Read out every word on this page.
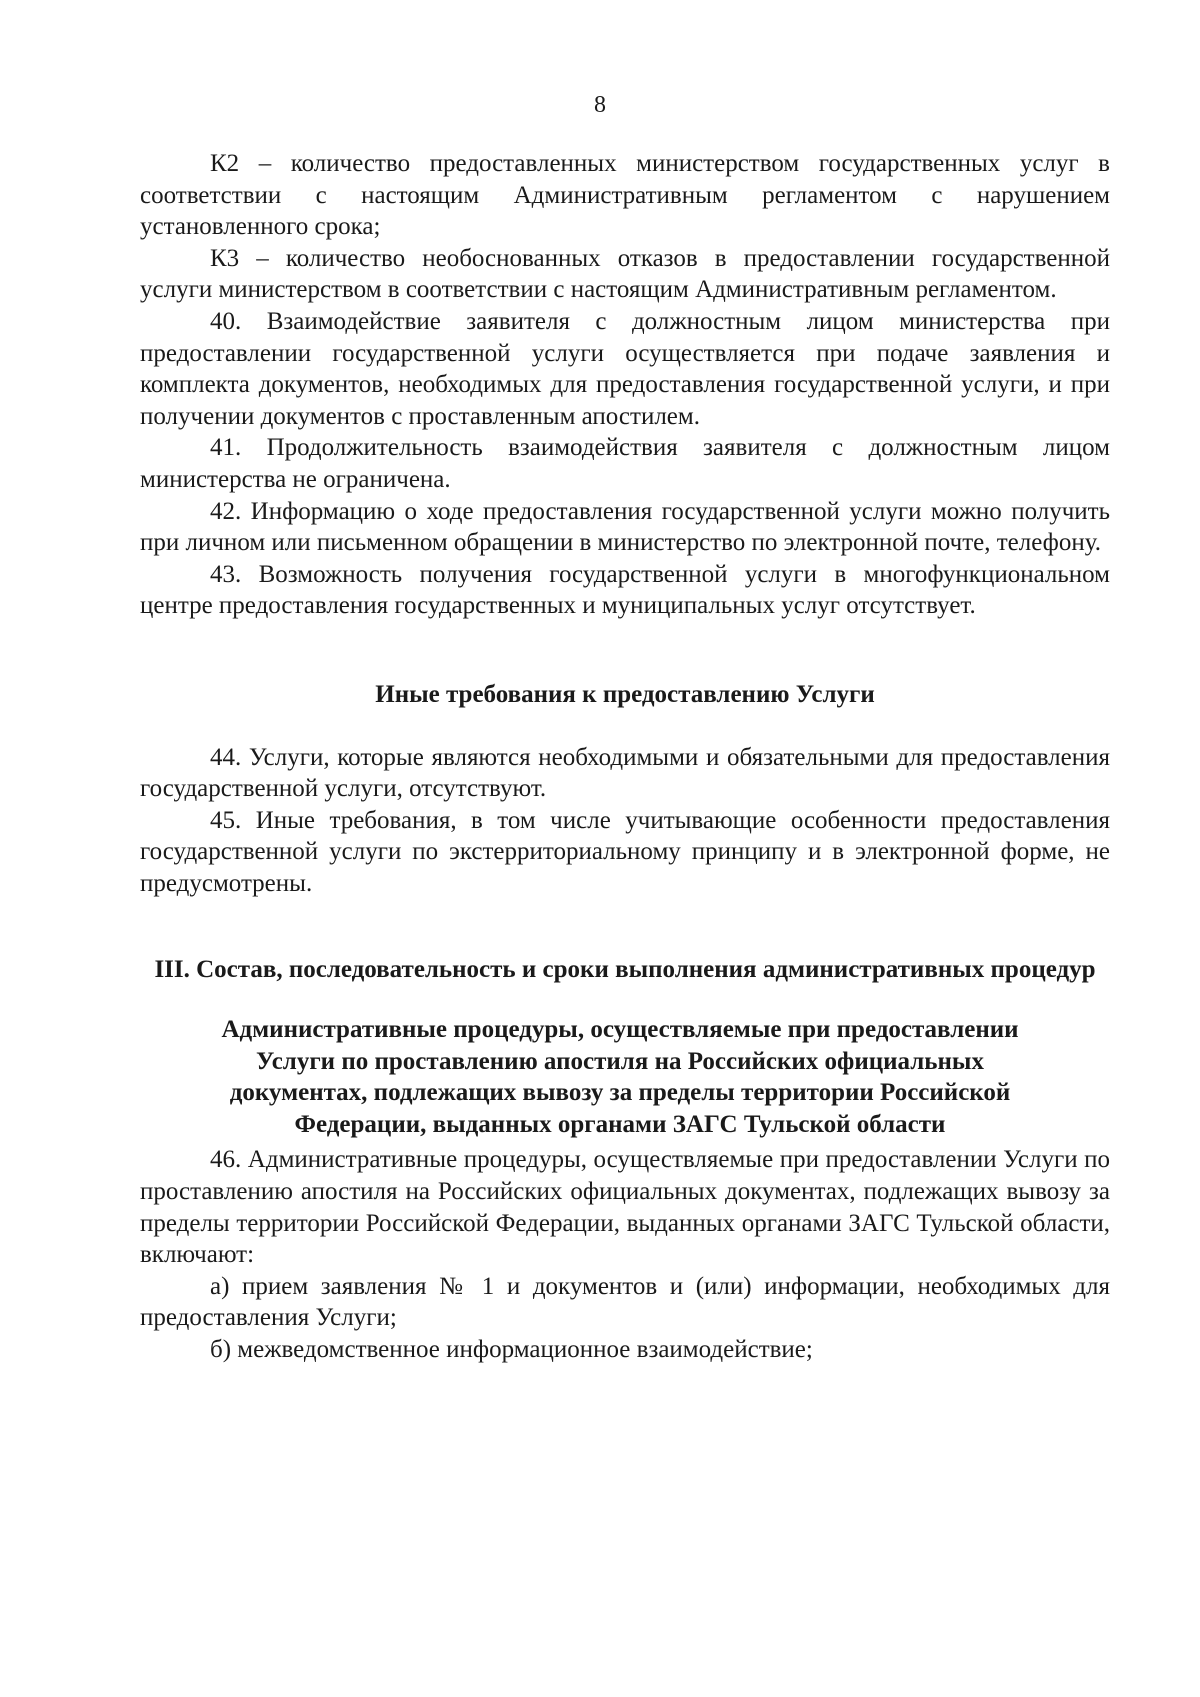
8

К2 – количество предоставленных министерством государственных услуг в соответствии с настоящим Административным регламентом с нарушением установленного срока;

К3 – количество необоснованных отказов в предоставлении государственной услуги министерством в соответствии с настоящим Административным регламентом.

40. Взаимодействие заявителя с должностным лицом министерства при предоставлении государственной услуги осуществляется при подаче заявления и комплекта документов, необходимых для предоставления государственной услуги, и при получении документов с проставленным апостилем.

41. Продолжительность взаимодействия заявителя с должностным лицом министерства не ограничена.

42. Информацию о ходе предоставления государственной услуги можно получить при личном или письменном обращении в министерство по электронной почте, телефону.

43. Возможность получения государственной услуги в многофункциональном центре предоставления государственных и муниципальных услуг отсутствует.

Иные требования к предоставлению Услуги

44. Услуги, которые являются необходимыми и обязательными для предоставления государственной услуги, отсутствуют.

45. Иные требования, в том числе учитывающие особенности предоставления государственной услуги по экстерриториальному принципу и в электронной форме, не предусмотрены.

III. Состав, последовательность и сроки выполнения административных процедур
Административные процедуры, осуществляемые при предоставлении Услуги по проставлению апостиля на Российских официальных документах, подлежащих вывозу за пределы территории Российской Федерации, выданных органами ЗАГС Тульской области

46. Административные процедуры, осуществляемые при предоставлении Услуги по проставлению апостиля на Российских официальных документах, подлежащих вывозу за пределы территории Российской Федерации, выданных органами ЗАГС Тульской области, включают:

а) прием заявления № 1 и документов и (или) информации, необходимых для предоставления Услуги;

б) межведомственное информационное взаимодействие;
